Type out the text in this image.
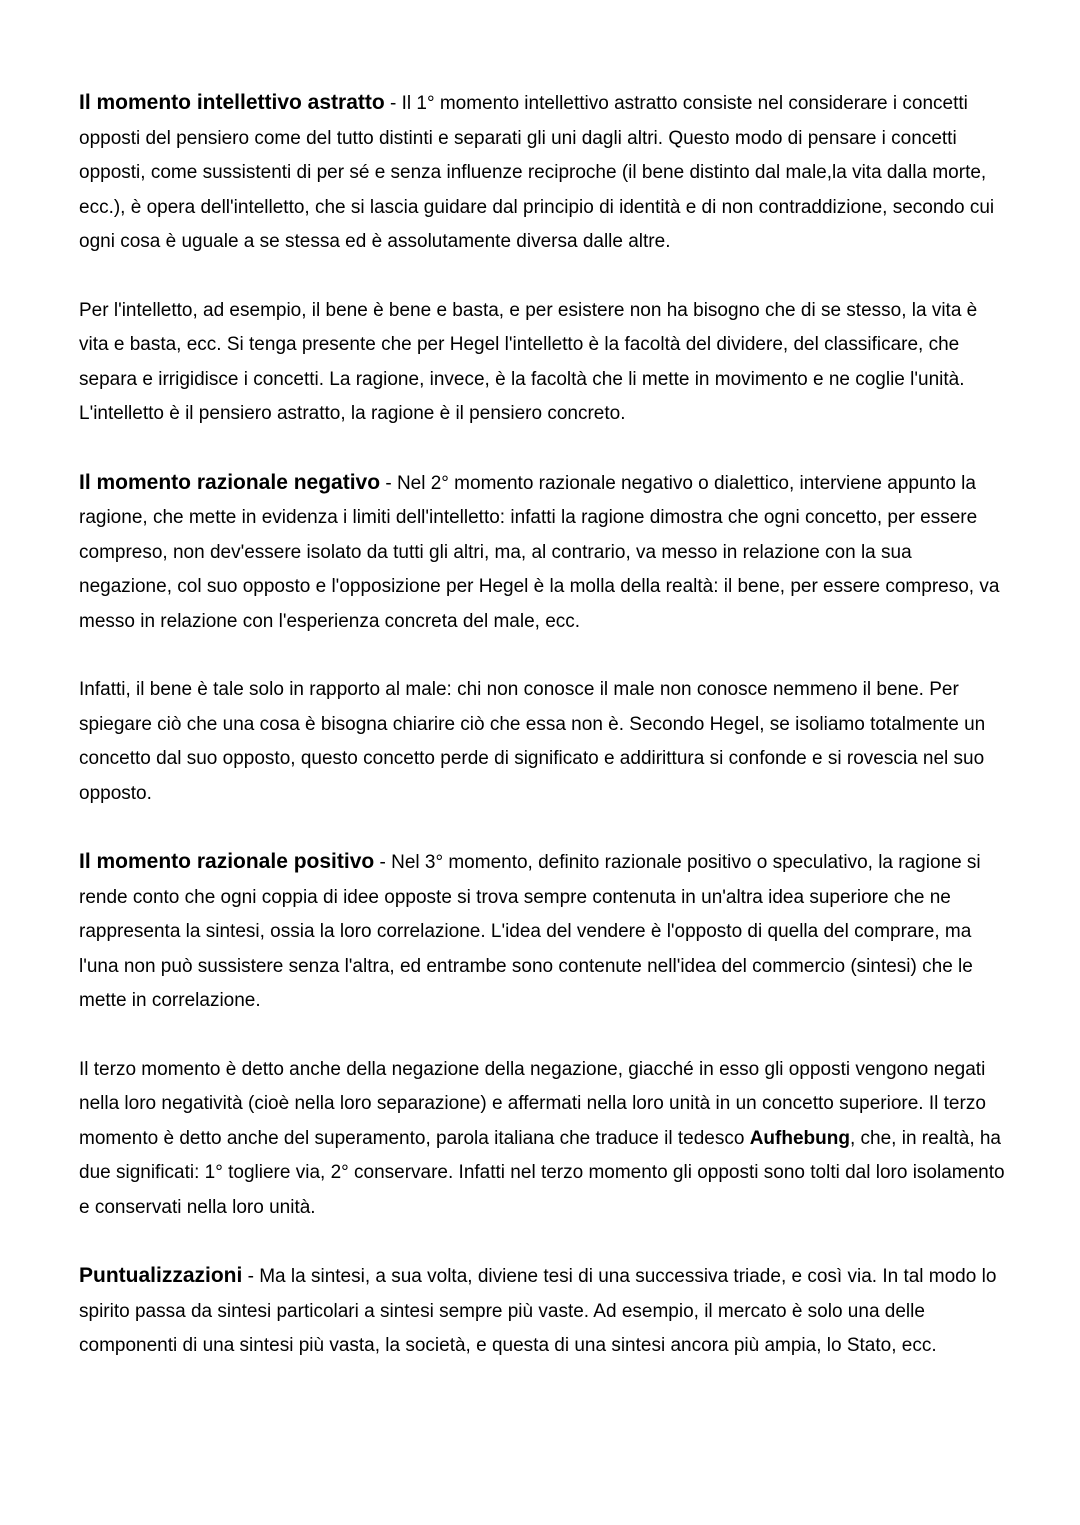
Il momento intellettivo astratto - Il 1° momento intellettivo astratto consiste nel considerare i concetti opposti del pensiero come del tutto distinti e separati gli uni dagli altri. Questo modo di pensare i concetti opposti, come sussistenti di per sé e senza influenze reciproche (il bene distinto dal male,la vita dalla morte, ecc.), è opera dell'intelletto, che si lascia guidare dal principio di identità e di non contraddizione, secondo cui ogni cosa è uguale a se stessa ed è assolutamente diversa dalle altre.

Per l'intelletto, ad esempio, il bene è bene e basta, e per esistere non ha bisogno che di se stesso, la vita è vita e basta, ecc. Si tenga presente che per Hegel l'intelletto è la facoltà del dividere, del classificare, che separa e irrigidisce i concetti. La ragione, invece, è la facoltà che li mette in movimento e ne coglie l'unità. L'intelletto è il pensiero astratto, la ragione è il pensiero concreto.

Il momento razionale negativo - Nel 2° momento razionale negativo o dialettico, interviene appunto la ragione, che mette in evidenza i limiti dell'intelletto: infatti la ragione dimostra che ogni concetto, per essere compreso, non dev'essere isolato da tutti gli altri, ma, al contrario, va messo in relazione con la sua negazione, col suo opposto e l'opposizione per Hegel è la molla della realtà: il bene, per essere compreso, va messo in relazione con l'esperienza concreta del male, ecc.

Infatti, il bene è tale solo in rapporto al male: chi non conosce il male non conosce nemmeno il bene. Per spiegare ciò che una cosa è bisogna chiarire ciò che essa non è. Secondo Hegel, se isoliamo totalmente un concetto dal suo opposto, questo concetto perde di significato e addirittura si confonde e si rovescia nel suo opposto.

Il momento razionale positivo - Nel 3° momento, definito razionale positivo o speculativo, la ragione si rende conto che ogni coppia di idee opposte si trova sempre contenuta in un'altra idea superiore che ne rappresenta la sintesi, ossia la loro correlazione. L'idea del vendere è l'opposto di quella del comprare, ma l'una non può sussistere senza l'altra, ed entrambe sono contenute nell'idea del commercio (sintesi) che le mette in correlazione.

Il terzo momento è detto anche della negazione della negazione, giacché in esso gli opposti vengono negati nella loro negatività (cioè nella loro separazione) e affermati nella loro unità in un concetto superiore. Il terzo momento è detto anche del superamento, parola italiana che traduce il tedesco Aufhebung, che, in realtà, ha due significati: 1° togliere via, 2° conservare. Infatti nel terzo momento gli opposti sono tolti dal loro isolamento e conservati nella loro unità.

Puntualizzazioni - Ma la sintesi, a sua volta, diviene tesi di una successiva triade, e così via. In tal modo lo spirito passa da sintesi particolari a sintesi sempre più vaste. Ad esempio, il mercato è solo una delle componenti di una sintesi più vasta, la società, e questa di una sintesi ancora più ampia, lo Stato, ecc.
